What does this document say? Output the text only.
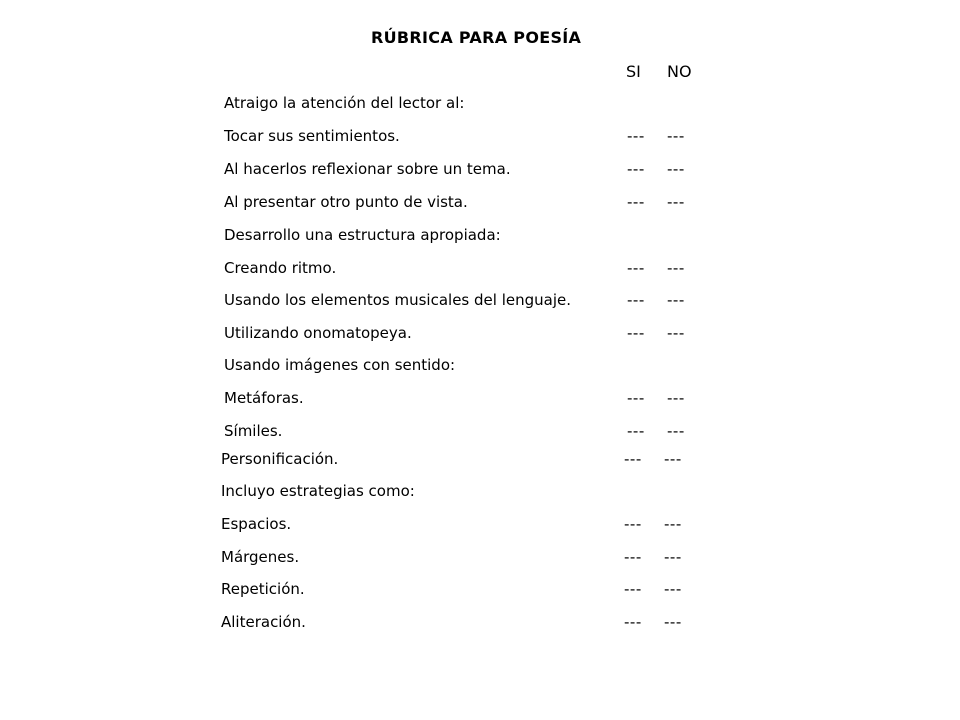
RÚBRICA PARA POESÍA
SI NO
Atraigo la atención del lector al:
Tocar sus sentimientos.	--- ---
Al hacerlos reflexionar sobre un tema.	--- ---
Al presentar otro punto de vista.	--- ---
Desarrollo una estructura apropiada:
Creando ritmo.	--- ---
Usando los elementos musicales del lenguaje.	--- ---
Utilizando onomatopeya.	--- ---
Usando imágenes con sentido:
Metáforas.	--- ---
Símiles.	--- ---
Personificación.	--- ---
Incluyo estrategias como:
Espacios.	--- ---
Márgenes.	--- ---
Repetición.	--- ---
Aliteración.	--- ---
